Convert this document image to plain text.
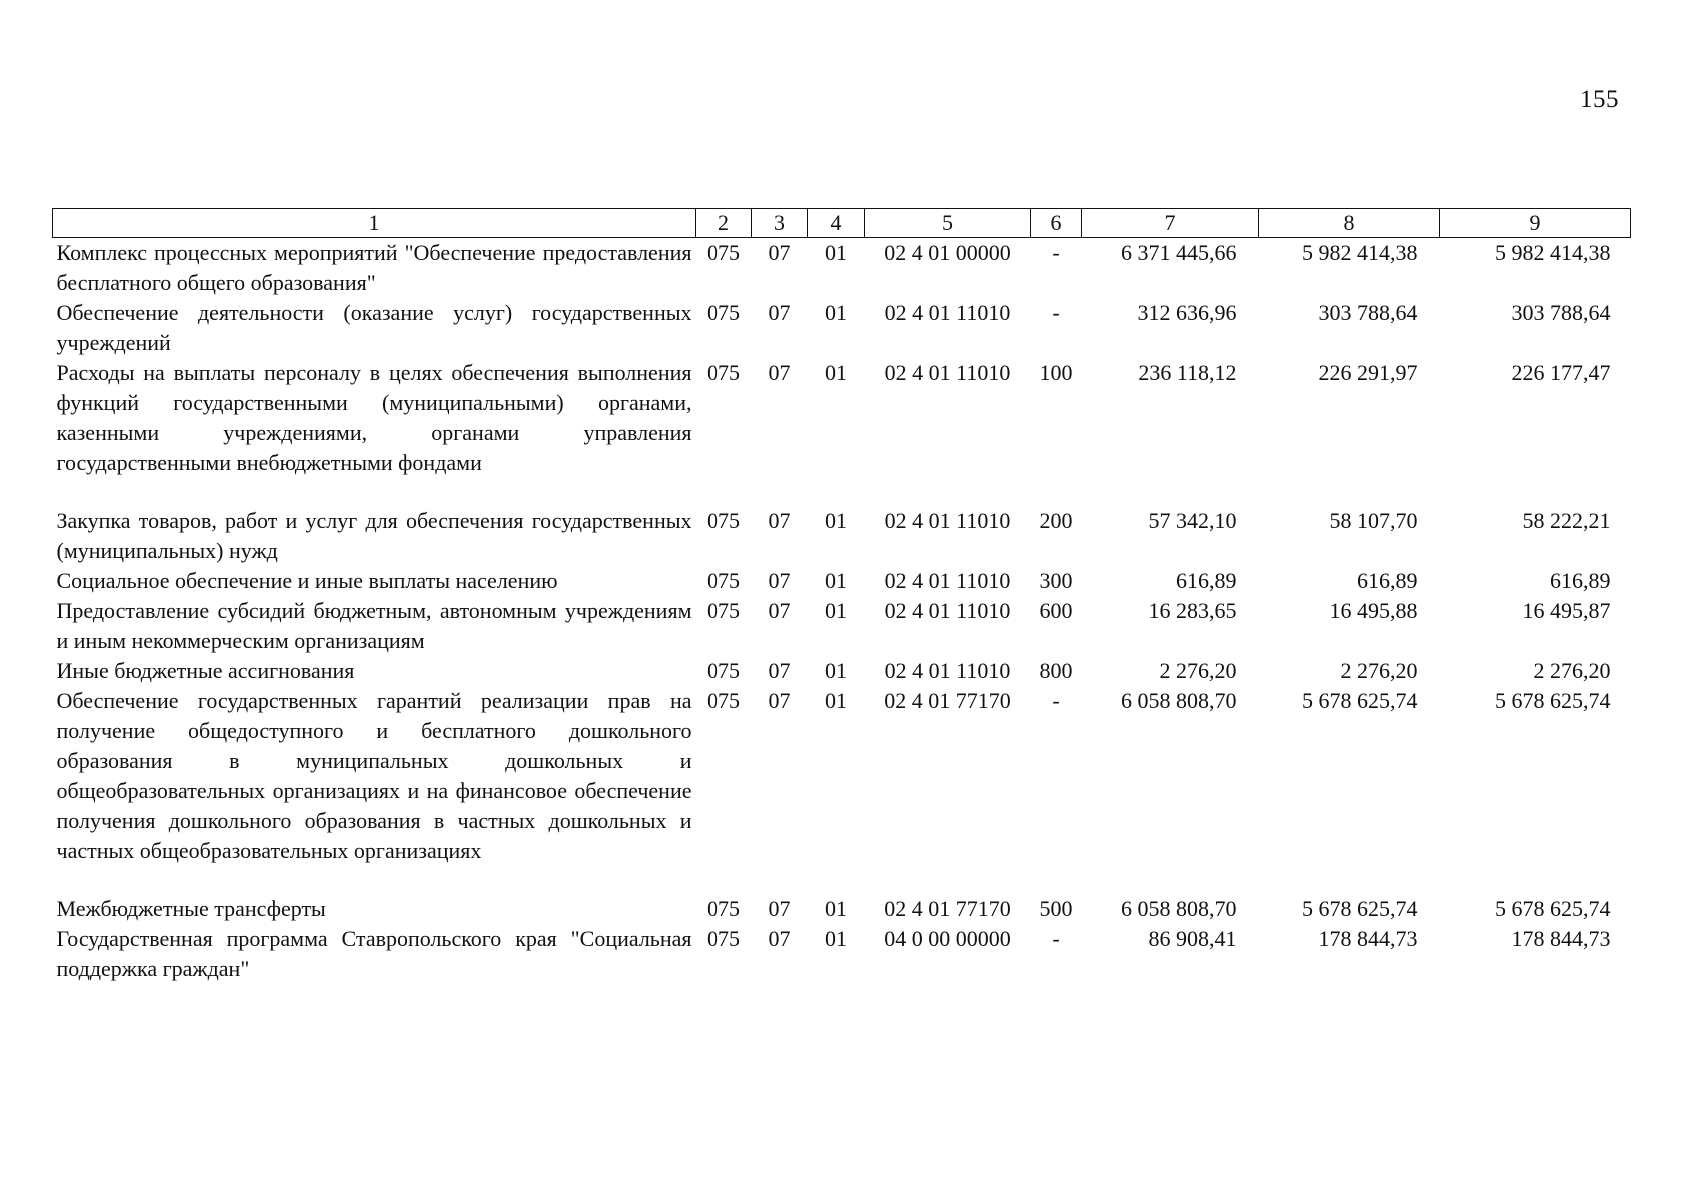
155
1	2	3	4	5	6	7	8	9
Комплекс процессных мероприятий "Обеспечение предоставления бесплатного общего образования"	075	07	01	02 4 01 00000	-	6 371 445,66	5 982 414,38	5 982 414,38
Обеспечение деятельности (оказание услуг) государственных учреждений	075	07	01	02 4 01 11010	-	312 636,96	303 788,64	303 788,64
Расходы на выплаты персоналу в целях обеспечения выполнения функций государственными (муниципальными) органами, казенными учреждениями, органами управления государственными внебюджетными фондами	075	07	01	02 4 01 11010	100	236 118,12	226 291,97	226 177,47
Закупка товаров, работ и услуг для обеспечения государственных (муниципальных) нужд	075	07	01	02 4 01 11010	200	57 342,10	58 107,70	58 222,21
Социальное обеспечение и иные выплаты населению	075	07	01	02 4 01 11010	300	616,89	616,89	616,89
Предоставление субсидий бюджетным, автономным учреждениям и иным некоммерческим организациям	075	07	01	02 4 01 11010	600	16 283,65	16 495,88	16 495,87
Иные бюджетные ассигнования	075	07	01	02 4 01 11010	800	2 276,20	2 276,20	2 276,20
Обеспечение государственных гарантий реализации прав на получение общедоступного и бесплатного дошкольного образования в муниципальных дошкольных и общеобразовательных организациях и на финансовое обеспечение получения дошкольного образования в частных дошкольных и частных общеобразовательных организациях	075	07	01	02 4 01 77170	-	6 058 808,70	5 678 625,74	5 678 625,74
Межбюджетные трансферты	075	07	01	02 4 01 77170	500	6 058 808,70	5 678 625,74	5 678 625,74
Государственная программа Ставропольского края "Социальная поддержка граждан"	075	07	01	04 0 00 00000	-	86 908,41	178 844,73	178 844,73
